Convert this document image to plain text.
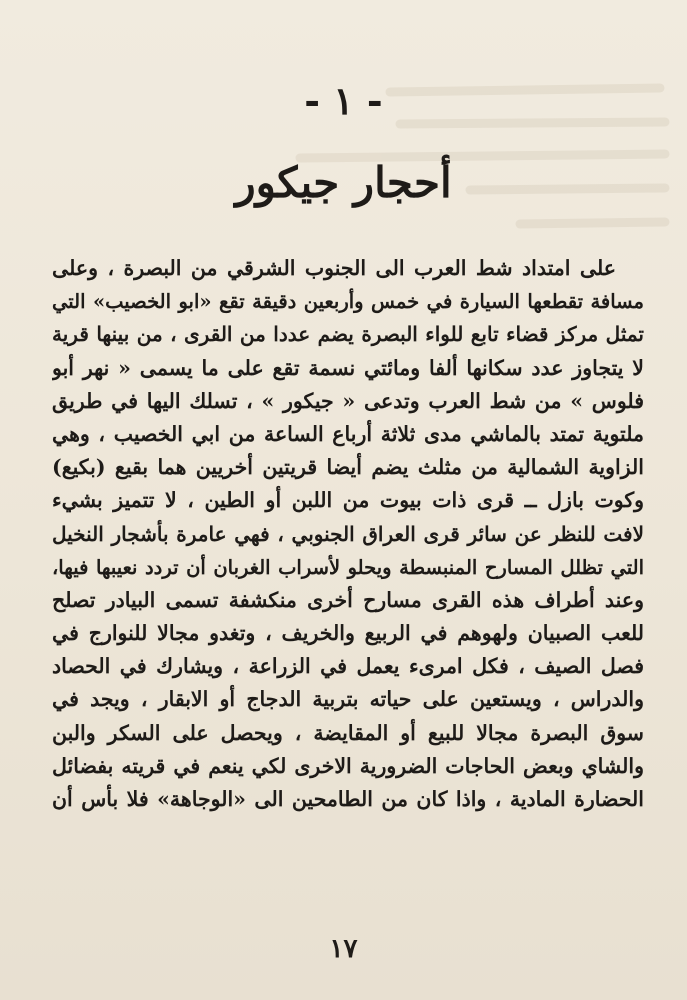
- ١ -
أحجار جيكور
على امتداد شط العرب الى الجنوب الشرقي من البصرة ، وعلى
مسافة تقطعها السيارة في خمس وأربعين دقيقة تقع «ابو الخصيب» التي
تمثل مركز قضاء تابع للواء البصرة يضم عددا من القرى ، من بينها قرية
لا يتجاوز عدد سكانها ألفا ومائتي نسمة تقع على ما يسمى « نهر أبو
فلوس » من شط العرب وتدعى « جيكور » ، تسلك اليها في طريق
ملتوية تمتد بالماشي مدى ثلاثة أرباع الساعة من ابي الخصيب ، وهي
الزاوية الشمالية من مثلث يضم أيضا قريتين أخريين هما بقيع (بكيع)
وكوت بازل ــ قرى ذات بيوت من اللبن أو الطين ، لا تتميز بشيء
لافت للنظر عن سائر قرى العراق الجنوبي ، فهي عامرة بأشجار النخيل
التي تظلل المسارح المنبسطة ويحلو لأسراب الغربان أن تردد نعيبها فيها،
وعند أطراف هذه القرى مسارح أخرى منكشفة تسمى البيادر تصلح
للعب الصبيان ولهوهم في الربيع والخريف ، وتغدو مجالا للنوارج في
فصل الصيف ، فكل امرىء يعمل في الزراعة ، ويشارك في الحصاد
والدراس ، ويستعين على حياته بتربية الدجاج أو الابقار ، ويجد في
سوق البصرة مجالا للبيع أو المقايضة ، ويحصل على السكر والبن
والشاي وبعض الحاجات الضرورية الاخرى لكي ينعم في قريته بفضائل
الحضارة المادية ، واذا كان من الطامحين الى «الوجاهة» فلا بأس أن
١٧
